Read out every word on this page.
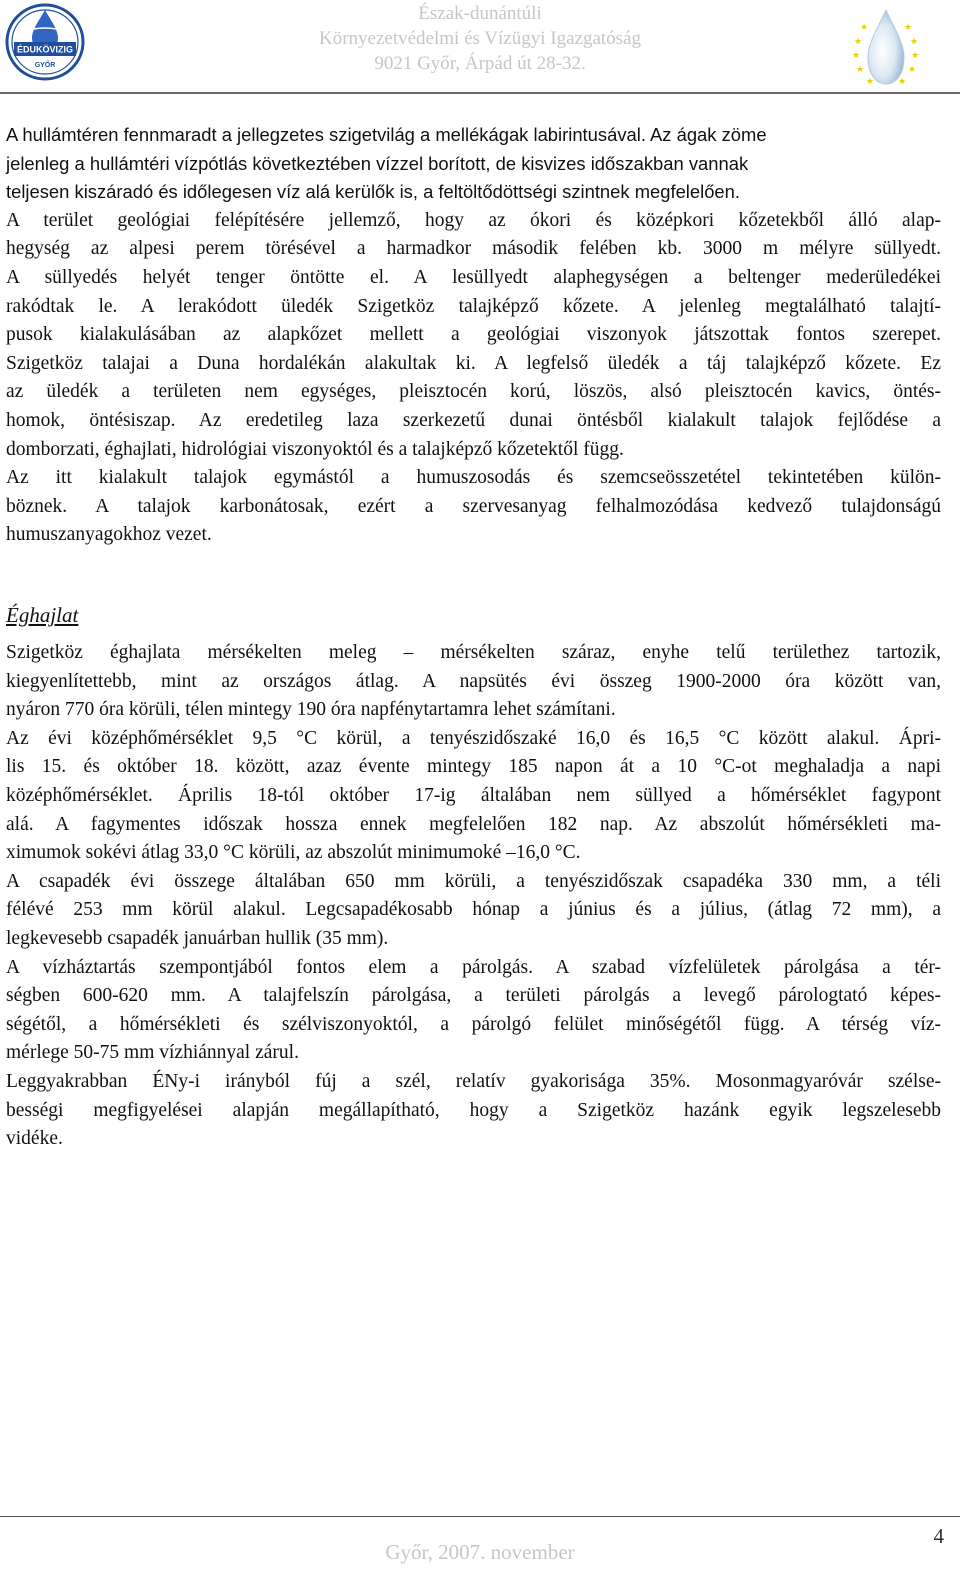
ÉDUKÖVIZIG
GYŐR
Észak-dunántúli
Környezetvédelmi és Vízügyi Igazgatóság
9021 Győr, Árpád út 28-32.
★
★
★
★
★
★
★
★
★
★

A hullámtéren fennmaradt a jellegzetes szigetvilág a mellékágak labirintusával. Az ágak zöme

jelenleg a hullámtéri vízpótlás következtében vízzel borított, de kisvizes időszakban vannak

teljesen kiszáradó és időlegesen víz alá kerülők is, a feltöltődöttségi szintnek megfelelően.

A terület geológiai felépítésére jellemző, hogy az ókori és középkori kőzetekből álló alap-

hegység az alpesi perem törésével a harmadkor második felében kb. 3000 m mélyre süllyedt.

A süllyedés helyét tenger öntötte el. A lesüllyedt alaphegységen a beltenger mederüledékei

rakódtak le. A lerakódott üledék Szigetköz talajképző kőzete. A jelenleg megtalálható talajtí-

pusok kialakulásában az alapkőzet mellett a geológiai viszonyok játszottak fontos szerepet.

Szigetköz talajai a Duna hordalékán alakultak ki. A legfelső üledék a táj talajképző kőzete. Ez

az üledék a területen nem egységes, pleisztocén korú, löszös, alsó pleisztocén kavics, öntés-

homok, öntésiszap. Az eredetileg laza szerkezetű dunai öntésből kialakult talajok fejlődése a

domborzati, éghajlati, hidrológiai viszonyoktól és a talajképző kőzetektől függ.

Az itt kialakult talajok egymástól a humuszosodás és szemcseösszetétel tekintetében külön-

böznek. A talajok karbonátosak, ezért a szervesanyag felhalmozódása kedvező tulajdonságú

humuszanyagokhoz vezet.

Éghajlat

Szigetköz éghajlata mérsékelten meleg – mérsékelten száraz, enyhe telű területhez tartozik,

kiegyenlítettebb, mint az országos átlag. A napsütés évi összeg 1900-2000 óra között van,

nyáron 770 óra körüli, télen mintegy 190 óra napfénytartamra lehet számítani.

Az évi középhőmérséklet 9,5 °C körül, a tenyészidőszaké 16,0 és 16,5 °C között alakul. Ápri-

lis 15. és október 18. között, azaz évente mintegy 185 napon át a 10 °C-ot meghaladja a napi

középhőmérséklet. Április 18-tól október 17-ig általában nem süllyed a hőmérséklet fagypont

alá. A fagymentes időszak hossza ennek megfelelően 182 nap. Az abszolút hőmérsékleti ma-

ximumok sokévi átlag 33,0 °C körüli, az abszolút minimumoké –16,0 °C.

A csapadék évi összege általában 650 mm körüli, a tenyészidőszak csapadéka 330 mm, a téli

félévé 253 mm körül alakul. Legcsapadékosabb hónap a június és a július, (átlag 72 mm), a

legkevesebb csapadék januárban hullik (35 mm).

A vízháztartás szempontjából fontos elem a párolgás. A szabad vízfelületek párolgása a tér-

ségben 600-620 mm. A talajfelszín párolgása, a területi párolgás a levegő párologtató képes-

ségétől, a hőmérsékleti és szélviszonyoktól, a párolgó felület minőségétől függ. A térség víz-

mérlege 50-75 mm vízhiánnyal zárul.

Leggyakrabban ÉNy-i irányból fúj a szél, relatív gyakorisága 35%. Mosonmagyaróvár szélse-

bességi megfigyelései alapján megállapítható, hogy a Szigetköz hazánk egyik legszelesebb

vidéke.

Győr, 2007. november
4
